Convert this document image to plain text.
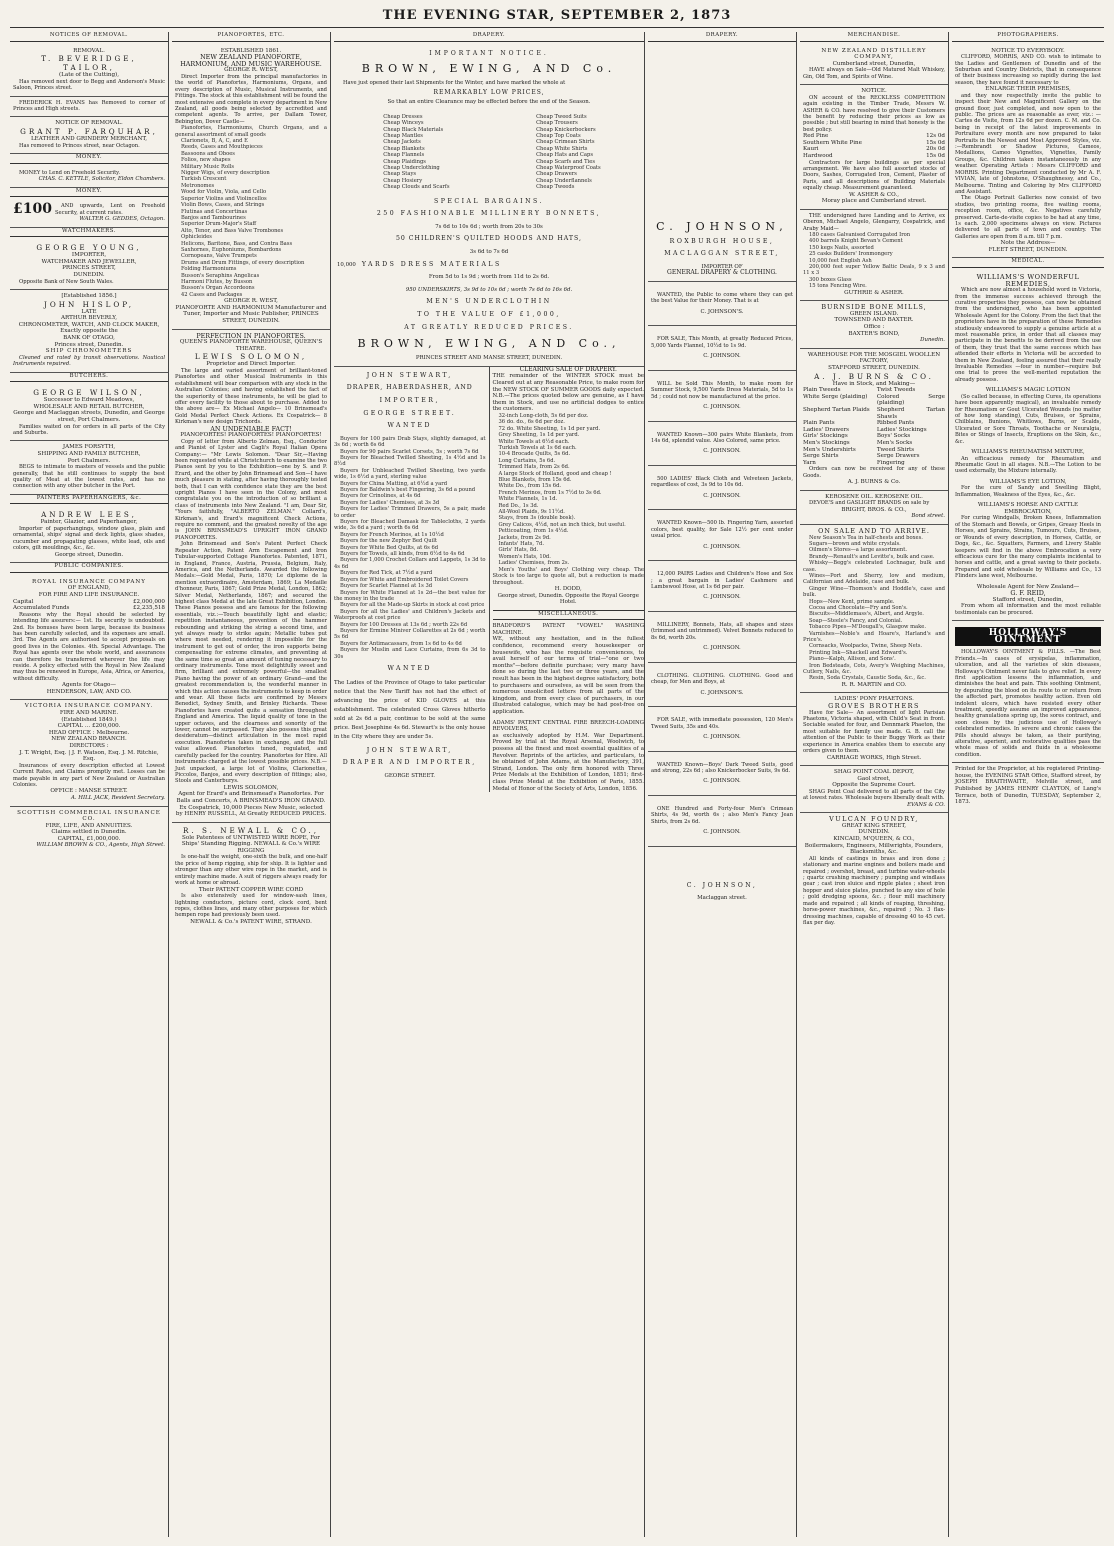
THE EVENING STAR, SEPTEMBER 2, 1873
NOTICES OF REMOVAL.
REMOVAL.
T. BEVERIDGE, TAILOR,
(Late of the Cutting),
Has removed next door to Begg and Anderson's Music Saloon, Princes street.
FREDERICK H. EVANS has Removed to corner of Princes and High streets.
NOTICE OF REMOVAL.
GRANT P. FARQUHAR,
LEATHER AND GRINDERY MERCHANT,
Has removed to Princes street, near Octagon.
MONEY.
MONEY to Lend on Freehold Security.
CHAS. C. KETTLE, Solicitor, Eldon Chambers.
MONEY.
£100	AND upwards, Lent on Freehold Security, at current rates.
WALTER G. GEDDES, Octagon.
WATCHMAKERS.
GEORGE YOUNG,
IMPORTER,
WATCHMAKER AND JEWELLER,
PRINCES STREET,
DUNEDIN.
Opposite Bank of New South Wales.
[Established 1856.]
JOHN HISLOP,
LATE
ARTHUR BEVERLY,
CHRONOMETER, WATCH, AND CLOCK MAKER,
Exactly opposite the
BANK OF OTAGO,
Princes street, Dunedin.
SHIP CHRONOMETERS
Cleaned and rated by transit observations. Nautical Instruments repaired.
BUTCHERS.
GEORGE WILSON,
Successor to Edward Meadows,
WHOLESALE AND RETAIL BUTCHER,
George and Maclaggan streets, Dunedin, and George street, Port Chalmers.
Families waited on for orders in all parts of the City and Suburbs.
JAMES FORSYTH,
SHIPPING AND FAMILY BUTCHER,
Port Chalmers.
BEGS to intimate to masters of vessels and the public generally, that he still continues to supply the best quality of Meat at the lowest rates, and has no connection with any other butcher in the Port.
PAINTERS PAPERHANGERS, &c.
ANDREW LEES,
Painter, Glazier, and Paperhanger,
Importer of paperhangings, window glass, plain and ornamental, ships' signal and deck lights, glass shades, cucumber and propagating glasses, white lead, oils and colors, gilt mouldings, &c., &c.
George street, Dunedin.
PUBLIC COMPANIES.
ROYAL INSURANCE COMPANY
OF ENGLAND,
FOR FIRE AND LIFE INSURANCE.
Capital	£2,000,000
Accumulated Funds	£2,235,518
Reasons why the Royal should be selected by intending life assurers:— 1st. Its security is undoubted. 2nd. Its bonuses have been large, because its business has been carefully selected, and its expenses are small. 3rd. The Agents are authorised to accept proposals on good lives in the Colonies. 4th. Special Advantage. The Royal has agents over the whole world, and assurances can therefore be transferred wherever the life may reside. A policy effected with the Royal in New Zealand may thus be renewed in Europe, Asia, Africa, or America, without difficulty.
Agents for Otago—
HENDERSON, LAW, AND CO.
VICTORIA INSURANCE COMPANY.
FIRE AND MARINE.
(Established 1849.)
CAPITAL ... £200,000.
HEAD OFFICE : Melbourne.
NEW ZEALAND BRANCH.
DIRECTORS :
J. T. Wright, Esq. | J. F. Watson, Esq. J. M. Ritchie, Esq.
Insurances of every description effected at Lowest Current Rates, and Claims promptly met. Losses can be made payable in any part of New Zealand or Australian Colonies.
OFFICE : MANSE STREET.
A. HILL JACK, Resident Secretary.
SCOTTISH COMMERCIAL INSURANCE CO.
FIRE, LIFE, AND ANNUITIES.
Claims settled in Dunedin.
CAPITAL, £1,000,000.
WILLIAM BROWN & CO., Agents, High Street.
PIANOFORTES, ETC.
ESTABLISHED 1861.
NEW ZEALAND PIANOFORTE, HARMONIUM, AND MUSIC WAREHOUSE.
GEORGE R. WEST,
Direct Importer from the principal manufactories in the world of Pianofortes, Harmoniums, Organs, and every description of Music, Musical Instruments, and Fittings. The stock at this establishment will be found the most extensive and complete in every department in New Zealand, all goods being selected by accredited and competent agents. To arrive, per Dallam Tower, Bebington, Dover Castle—
Pianofortes, Harmoniums, Church Organs, and a general assortment of small goods
Clarionets, B, A, C, and E
Reeds, Cases and Mouthpieces
Bassoons and Oboes
Folios, new shapes
Military Music Rolls
Nigger Wigs, of every description
Turkish Crescent
Metronomes
Wood for Violin, Viola, and Cello
Superior Violins and Violincellos
Violin Bows, Cases, and Strings
Flutinas and Concertinas
Banjos and Tambourines
Superior Drum-Major's Staff
Alto, Tenor, and Bass Valve Trombones
Ophicleides
Helicons, Baritone, Bass, and Contra Bass
Saxhornes, Euphoniums, Bombardons
Cornopeans, Valve Trumpets
Drums and Drum Fittings, of every description
Folding Harmoniums
Busson's Seraphins Angelicas
Harmoni Flutes, by Busson
Busson's Organ Accordeons
42 Cases and Packages
GEORGE R. WEST,
PIANOFORTE AND HARMONIUM Manufacturer and Tuner, Importer and Music Publisher, PRINCES STREET, DUNEDIN.
PERFECTION IN PIANOFORTES.
QUEEN'S PIANOFORTE WAREHOUSE, QUEEN'S THEATRE.
LEWIS SOLOMON,
Proprietor and Direct Importer.
The large and varied assortment of brilliant-toned Pianofortes and other Musical Instruments in this establishment will bear comparison with any stock in the Australian Colonies; and having established the fact of the superiority of these instruments, he will be glad to offer every facility to those about to purchase. Added to the above are— Ex Michael Angelo— 10 Brinsmead's Gold Medal Perfect Check Actions. Ex Cospatrick— 8 Kirkman's new design Trichords.
AN UNDENIABLE FACT!
PIANOFORTES! PIANOFORTES! PIANOFORTES!
Copy of letter from Alberto Zelman, Esq., Conductor and Pianist of Lyster and Cagli's Royal Italian Opera Company:— "Mr Lewis Solomon. "Dear Sir,—Having been requested while at Christchurch to examine the two Pianos sent by you to the Exhibition—one by S. and P. Erard, and the other by John Brinsmead and Son—I have much pleasure in stating, after having thoroughly tested both, that I can with confidence state they are the best upright Pianos I have seen in the Colony, and most congratulate you on the introduction of so brilliant a class of instruments into New Zealand. "I am, Dear Sir, "Yours faithfully, "ALBERTO ZELMAN." Collard's, Kirkman's, and Erard's magnificent Check Actions, require no comment, and the greatest novelty of the age is JOHN BRINSMEAD'S UPRIGHT IRON GRAND PIANOFORTES.
John Brinsmead and Son's Patent Perfect Check Repeater Action, Patent Arm Escapement and Iron Tubular-supported Cottage Pianofortes. Patented, 1871, in England, France, Austria, Prussia, Belgium, Italy, America, and the Netherlands. Awarded the following Medals:—Gold Medal, Paris, 1870; Le diplome de la mention extraordinaire, Amsterdam, 1869; La Medaille d'honneur, Paris, 1867; Gold Prize Medal, London, 1862; Silver Medal, Netherlands, 1867; and secured the highest class Medal at the late Great Exhibition, London. These Pianos possess and are famous for the following essentials, viz.:—Touch beautifully light and elastic; repetition instantaneous, prevention of the hammer rebounding and striking the string a second time, and yet always ready to strike again; Metallic tubes put where most needed, rendering it impossible for the instrument to get out of order, the iron supports being compensating for extreme climates, and preventing at the same time so great an amount of tuning necessary to ordinary instruments. Tone most delightfully sweet and firm, brilliant and extremely powerful—the smallest Piano having the power of an ordinary Grand—and the greatest recommendation is, the wonderful manner in which this action causes the instruments to keep in order and wear. All these facts are confirmed by Messrs Benedict, Sydney Smith, and Brinley Richards. These Pianofortes have created quite a sensation throughout England and America. The liquid quality of tone in the upper octaves, and the clearness and sonority of the lower, cannot be surpassed. They also possess this great desideratum—distinct articulation in the most rapid execution. Pianofortes taken in exchange, and the full value allowed. Pianofortes tuned, regulated, and carefully packed for the country. Pianofortes for Hire. All instruments charged at the lowest possible prices. N.B.—Just unpacked, a large lot of Violins, Clarionettes, Piccolos, Banjos, and every description of fittings; also, Stools and Canterburys.
LEWIS SOLOMON,
Agent for Erard's and Brinsmead's Pianofortes. For Balls and Concerts, A BRINSMEAD'S IRON GRAND. Ex Cospatrick, 10,000 Pieces New Music, selected by HENRY RUSSELL, At Greatly REDUCED PRICES.
R. S. NEWALL & CO.,
Sole Patentees of UNTWISTED WIRE ROPE, For Ships' Standing Rigging. NEWALL & Co.'s WIRE RIGGING
Is one-half the weight, one-sixth the bulk, and one-half the price of hemp rigging, ship for ship. It is lighter and stronger than any other wire rope in the market, and is entirely machine made. A suit of riggers always ready for work at home or abroad.
Their PATENT COPPER WIRE CORD
Is also extensively used for window-sash lines, lightning conductors, picture cord, clock cord, bent ropes, clothes lines, and many other purposes for which hempen rope had previously been used.
NEWALL & Co.'s PATENT WIRE, STRAND.
DRAPERY.
IMPORTANT NOTICE.
BROWN, EWING, AND Co.
Have just opened their last Shipments for the Winter, and have marked the whole at
REMARKABLY LOW PRICES,
So that an entire Clearance may be effected before the end of the Season.
Cheap Dresses
Cheap Winceys
Cheap Black Materials
Cheap Mantles
Cheap Jackets
Cheap Blankets
Cheap Flannels
Cheap Plaidings
Cheap Underclothing
Cheap Stays
Cheap Hosiery
Cheap Clouds and Scarfs
Cheap Tweed Suits
Cheap Trousers
Cheap Knickerbockers
Cheap Top Coats
Cheap Crimean Shirts
Cheap White Shirts
Cheap Hats and Caps
Cheap Scarfs and Ties
Cheap Waterproof Coats
Cheap Drawers
Cheap Underflannels
Cheap Tweeds
SPECIAL BARGAINS.
250 FASHIONABLE MILLINERY BONNETS,
7s 6d to 10s 6d ; worth from 20s to 30s
50 CHILDREN'S QUILTED HOODS AND HATS,
3s 6d to 7s 6d
10,000 YARDS DRESS MATERIALS
From 5d to 1s 9d ; worth from 11d to 2s 6d.
950 UNDERSKIRTS, 3s 9d to 10s 6d ; worth 7s 6d to 16s 6d.
MEN'S UNDERCLOTHIN
TO THE VALUE OF £1,000,
AT GREATLY REDUCED PRICES.
BROWN, EWING, AND Co.,
PRINCES STREET AND MANSE STREET, DUNEDIN.
JOHN STEWART,
DRAPER, HABERDASHER, AND
IMPORTER,
GEORGE STREET.
WANTED
Buyers for 100 pairs Drab Stays, slightly damaged, at 3s 6d ; worth 6s 6d
Buyers for 90 pairs Scarlet Corsets, 5s ; worth 7s 6d
Buyers for Bleached Twilled Sheeting, 1s 4½d and 1s 8½d
Buyers for Unbleached Twilled Sheeting, two yards wide, 1s 6½d a yard, sterling value
Buyers for China Matting, at 6½d a yard
Buyers for Baldwin's best Fingering, 3s 6d a pound
Buyers for Crinolines, at 4s 6d
Buyers for Ladies' Chemises, at 3s 3d
Buyers for Ladies' Trimmed Drawers, 5s a pair, made to order
Buyers for Bleached Damask for Tablecloths, 2 yards wide, 3s 6d a yard ; worth 6s 6d
Buyers for French Merinos, at 1s 10½d
Buyers for the new Zephyr Bed Quilt
Buyers for White Bed Quilts, at 6s 6d
Buyers for Towels, all kinds, from 6½d to 4s 6d
Buyers for 1,000 Crochet Collars and Lappets, 1s 3d to 4s 6d
Buyers for Red Tick, at 7½d a yard
Buyers for White and Embroidered Toilet Covers
Buyers for Scarlet Flannel at 1s 3d
Buyers for White Flannel at 1s 2d—the best value for the money in the trade
Buyers for all the Made-up Skirts in stock at cost price
Buyers for all the Ladies' and Children's Jackets and Waterproofs at cost price
Buyers for 100 Dresses at 13s 6d ; worth 22s 6d
Buyers for Ermine Miniver Collarettes at 2s 6d ; worth 5s 6d
Buyers for Antimacassars, from 1s 6d to 4s 6d
Buyers for Muslin and Lace Curtains, from 6s 3d to 30s
WANTED
The Ladies of the Province of Otago to take particular notice that the New Tariff has not had the effect of advancing the price of KID GLOVES at this establishment. The celebrated Cross Gloves hitherto sold at 2s 6d a pair, continue to be sold at the same price. Best Josephine 4s 6d. Stewart's is the only house in the City where they are under 5s.
JOHN STEWART,
DRAPER AND IMPORTER,
GEORGE STREET.
CLEARING SALE OF DRAPERY.
THE remainder of the WINTER STOCK must be Cleared out at any Reasonable Price, to make room for the NEW STOCK OF SUMMER GOODS daily expected. N.B.—The prices quoted below are genuine, as I have them in Stock, and use no artificial dodges to entice the customers.
32-inch Long-cloth, 5s 6d per doz.
36 do. do., 6s 6d per doz.
72 do. White Sheeting, 1s 1d per yard.
Grey Sheeting, 1s 1d per yard.
White Towels at 6½d each.
Turkish Towels at 1s 6d each.
10-4 Brocade Quilts, 5s 6d.
Long Curtains, 5s 6d.
Trimmed Hats, from 2s 6d.
A large Stock of Holland, good and cheap !
Blue Blankets, from 15s 6d.
White Do., from 15s 6d.
French Merinos, from 1s 7½d to 3s 6d.
White Flannels, 1s 1d.
Red Do., 1s 3d.
All-Wool Plaids, 9s 11½d.
Stays, from 3s (double bosk).
Grey Calicos, 4½d, not an inch thick, but useful.
Petticoating, from 1s 4½d.
Jackets, from 2s 9d.
Infants' Hats, 7d.
Girls' Hats, 8d.
Women's Hats, 10d.
Ladies' Chemises, from 2s.
Men's Youths' and Boys' Clothing very cheap. The Stock is too large to quote all, but a reduction is made throughout.
H. DODD,
George street, Dunedin. Opposite the Royal George Hotel.
MISCELLANEOUS.
BRADFORD'S PATENT "VOWEL" WASHING MACHINE.
WE, without any hesitation, and in the fullest confidence, recommend every housekeeper or housewife, who has the requisite conveniences, to avail herself of our terms of trial—"one or two months"—before definite purchase; very many have done so during the last two or three years, and the result has been in the highest degree satisfactory, both to purchasers and ourselves, as will be seen from the numerous unsolicited letters from all parts of the kingdom, and from every class of purchasers, in our illustrated catalogue, which may be had post-free on application.
ADAMS' PATENT CENTRAL FIRE BREECH-LOADING REVOLVERS,
as exclusively adopted by H.M. War Department. Proved by trial at the Royal Arsenal, Woolwich, to possess all the finest and most essential qualities of a Revolver. Reprints of the articles, and particulars, to be obtained of John Adams, at the Manufactory, 391, Strand, London. The only firm honored with Three Prize Medals at the Exhibition of London, 1851; first-class Prize Medal at the Exhibition of Paris, 1855. Medal of Honor of the Society of Arts, London, 1856.
DRAPERY.
C. JOHNSON,
ROXBURGH HOUSE,
MACLAGGAN STREET,
IMPORTER OF
GENERAL DRAPERY & CLOTHING.
WANTED, the Public to come where they can get the best Value for their Money. That is at
C. JOHNSON'S.
FOR SALE, This Month, at greatly Reduced Prices, 5,000 Yards Flannel, 10½d to 1s 9d.
C. JOHNSON.
WILL be Sold This Month, to make room for Summer Stock, 9,500 Yards Dress Materials, 5d to 1s 5d ; could not now be manufactured at the price.
C. JOHNSON.
WANTED Known—300 pairs White Blankets, from 14s 6d, splendid value. Also Colored, same price.
C. JOHNSON.
500 LADIES' Black Cloth and Velveteen Jackets, regardless of cost, 3s 9d to 10s 6d.
C. JOHNSON.
WANTED Known—500 lb. Fingering Yarn, assorted colors, best quality, for Sale 12½ per cent under usual price.
C. JOHNSON.
12,000 PAIRS Ladies and Children's Hose and Sox ; a great bargain in Ladies' Cashmere and Lambswool Hose, at 1s 6d per pair.
C. JOHNSON.
MILLINERY, Bonnets, Hats, all shapes and sizes (trimmed and untrimmed). Velvet Bonnets reduced to 8s 6d, worth 20s.
C. JOHNSON.
CLOTHING. CLOTHING. CLOTHING. Good and cheap, for Men and Boys, at
C. JOHNSON'S.
FOR SALE, with immediate possession, 120 Men's Tweed Suits, 35s and 40s.
C. JOHNSON.
WANTED Known—Boys' Dark Tweed Suits, good and strong, 22s 6d ; also Knickerbocker Suits, 9s 6d.
C. JOHNSON.
ONE Hundred and Forty-four Men's Crimean Shirts, 4s 9d, worth 6s ; also Men's Fancy Jean Shirts, from 2s 6d.
C. JOHNSON.
C. JOHNSON,
Maclaggan street.
MERCHANDISE.
NEW ZEALAND DISTILLERY COMPANY,
Cumberland street, Dunedin,
HAVE always on Sale—Old Matured Malt Whiskey, Gin, Old Tom, and Spirits of Wine.
NOTICE.
ON account of the RECKLESS COMPETITION again existing in the Timber Trade, Messrs W. ASHER & CO. have resolved to give their Customers the benefit by reducing their prices as low as possible ; but still bearing in mind that honesty is the best policy.
Red Pine	12s 0d
Southern White Pine	15s 0d
Kauri	20s 0d
Hardwood	15s 0d
Contractors for large buildings as per special arrangement. We have also full assorted stocks of Doors, Sashes, Corrugated Iron, Cement, Plaster of Paris, and all descriptions of Building Materials equally cheap. Measurement guaranteed.
W. ASHER & CO.,
Moray place and Cumberland street.
THE undersigned have Landing and to Arrive, ex Oberon, Michael Angelo, Glengarry, Cospatrick, and Araby Maid—
180 cases Galvanised Corrugated Iron
400 barrels Knight Bevan's Cement
150 kegs Nails, assorted
25 casks Builders' Ironmongery
10,000 feet English Ash
200,000 feet super Yellow Baltic Deals, 9 x 3 and 11 x 3
300 boxes Glass
15 tons Fencing Wire.
GUTHRIE & ASHER.
BURNSIDE BONE MILLS,
GREEN ISLAND.
TOWNSEND AND BAXTER.
Office :
BAXTER'S BOND,
Dunedin.
WAREHOUSE FOR THE MOSGIEL WOOLLEN FACTORY,
STAFFORD STREET, DUNEDIN.
A. J. BURNS & CO.
Have in Stock, and Making—
Plain Tweeds	Twist Tweeds
White Serge (plaiding)	Colored Serge (plaiding)
Shepherd Tartan Plaids Shepherd Tartan Shawls
Plain Pants	Ribbed Pants
Ladies' Drawers	Ladies' Stockings
Girls' Stockings	Boys' Socks
Men's Stockings	Men's Socks
Men's Undershirts	Tweed Shirts
Serge Shirts	Serge Drawers
Yarn	Fingering
Orders can now be received for any of these Goods.
A. J. BURNS & Co.
KEROSENE OIL. KEROSENE OIL.
DEVOE'S and GASLIGHT BRANDS on sale by
BRIGHT, BROS. & CO.,
Bond street.
ON SALE AND TO ARRIVE.
New Season's Tea in half-chests and boxes.
Sugars—brown and white crystals.
Oilmen's Stores—a large assortment.
Brandy—Renault's and Levitte's, bulk and case.
Whisky—Begg's celebrated Lochnagar, bulk and case.
Wines—Port and Sherry, low and medium, Californian and Adelaide, case and bulk.
Ginger Wine—Thomson's and Hoddle's, case and bulk.
Hops—New Kent, prime sample.
Cocoa and Chocolate—Fry and Son's.
Biscuits—Middlemass's, Albert, and Argyle.
Soap—Steele's Fancy, and Colonial.
Tobacco Pipes—M'Dougall's, Glasgow make.
Varnishes—Noble's and Hoare's, Harland's and Price's.
Cornsacks, Woolpacks, Twine, Sheep Nets.
Printing Ink—Shackell and Edward's.
Piano—Kalph, Allison, and Sons'.
Iron Bedsteads, Cots, Avery's Weighing Machines, Cutlery, Nails, &c.
Resin, Soda Crystals, Caustic Soda, &c., &c.
R. R. MARTIN and CO.
LADIES' PONY PHAETONS.
GROVES BROTHERS
Have for Sale— An assortment of light Parisian Phaetons, Victoria shaped, with Child's Seat in front. Sociable seated for four, and Dennmark Phaeton, the most suitable for family use made. G. B. call the attention of the Public to their Buggy Work as their experience in America enables them to execute any orders given to them.
CARRIAGE WORKS, High Street.
SHAG POINT COAL DEPOT,
Gaol street,
Opposite the Supreme Court.
SHAG Point Coal delivered to all parts of the City at lowest rates. Wholesale buyers liberally dealt with.
EVANS & CO.
VULCAN FOUNDRY,
GREAT KING STREET,
DUNEDIN.
KINCAID, M'QUEEN, & CO.,
Boilermakers, Engineers, Millwrights, Founders, Blacksmiths, &c.
All kinds of castings in brass and iron done ; stationary and marine engines and boilers made and repaired ; overshot, breast, and turbine water-wheels ; quartz crushing machinery ; pumping and windlass gear ; cast iron sluice and ripple plates ; sheet iron hopper and sluice plates, punched to any size of hole ; gold dredging spoons, &c. ; flour mill machinery made and repaired ; all kinds of reaping, threshing, horse-power machines, &c., repaired ; No. 3 flax-dressing machines, capable of dressing 40 to 45 cwt. flax per day.
PHOTOGRAPHERS.
NOTICE TO EVERYBODY.
CLIFFORD, MORRIS, AND CO. wish to intimate to the Ladies and Gentlemen of Dunedin and of the Suburban and Country Districts, that in consequence of their business increasing so rapidly during the last season, they have found it necessary to
ENLARGE THEIR PREMISES,
and they now respectfully invite the public to inspect their New and Magnificent Gallery on the ground floor, just completed, and now open to the public. The prices are as reasonable as ever, viz.: —Cartes de Visite, from 12s 6d per dozen. C. M. and Co. being in receipt of the latest improvements in Portraiture every month are now prepared to take Portraits in the Newest and Most Approved Styles, viz. :—Rembrandt or Shadow Pictures, Cameos, Medallions, Cameo Vignettes, Vignettes, Family Groups, &c. Children taken instantaneously in any weather. Operating Artists : Messrs CLIFFORD and MORRIS. Printing Department conducted by Mr A. F. VIVIAN, late of Johnstone, O'Shaughnessy, and Co., Melbourne. Tinting and Coloring by Mrs CLIFFORD and Assistant.
The Otago Portrait Galleries now consist of two studios, two printing rooms, five waiting rooms, reception room, office, &c. Negatives carefully preserved. Carte-de-visite copies to be had at any time, 1s each. 2,000 specimens always on view. Pictures delivered to all parts of town and country. The Galleries are open from 8 a.m. till 7 p.m.
Note the Address—
FLEET STREET, DUNEDIN.
MEDICAL.
WILLIAMS'S WONDERFUL REMEDIES,
Which are now almost a household word in Victoria, from the immense success achieved through the curative properties they possess, can now be obtained from the undersigned, who has been appointed Wholesale Agent for the Colony. From the fact that the proprietors have in the preparation of these Remedies studiously endeavored to supply a genuine article at a most reasonable price, in order that all classes may participate in the benefits to be derived from the use of them, they trust that the same success which has attended their efforts in Victoria will be accorded to them in New Zealand, feeling assured that their really Invaluable Remedies —four in number—require but one trial to prove the well-merited reputation the already possess.
WILLIAMS'S MAGIC LOTION
(So called because, in effecting Cures, its operations have been apparently magical), an invaluable remedy for Rheumatism or Gout Ulcerated Wounds (no matter of how long standing), Cuts, Bruises, or Sprains, Chilblains, Bunions, Whitlows, Burns, or Scalds, Ulcerated or Sore Throats, Toothache or Neuralgia, Bites or Stings of Insects, Eruptions on the Skin, &c., &c.
WILLIAMS'S RHEUMATISM MIXTURE,
An efficacious remedy for Rheumatism and Rheumatic Gout in all stages. N.B.—The Lotion to be used externally, the Mixture internally.
WILLIAMS'S EYE LOTION,
For the cure of Sandy and Swelling Blight, Inflammation, Weakness of the Eyes, &c., &c.
WILLIAMS'S HORSE AND CATTLE EMBROCATION,
For curing Windgalls, Broken Knees, Inflammation of the Stomach and Bowels, or Gripes, Greasy Heels in Horses, and Sprains, Strains, Tumours, Cuts, Bruises, or Wounds of every description, in Horses, Cattle, or Dogs, &c., &c. Squatters, Farmers, and Livery Stable keepers will find in the above Embrocation a very efficacious cure for the many complaints incidental to horses and cattle, and a great saving to their pockets. Prepared and sold wholesale by Williams and Co., 13 Flinders lane west, Melbourne.
Wholesale Agent for New Zealand—
G. F. REID,
Stafford street, Dunedin,
From whom all information and the most reliable testimonials can be procured.
HOLLOWAY'S OINTMENT
HOLLOWAY'S OINTMENT & PILLS. —The Best Friends.—In cases of erysipelas, inflammation, ulceration, and all the varieties of skin diseases, Holloway's Ointment never fails to give relief. In every first application lessens the inflammation, and diminishes the heat and pain. This soothing Ointment, by depurating the blood on its route to or return from the affected part, promotes healthy action. Even old indolent ulcers, which have resisted every other treatment, speedily assume an improved appearance, healthy granulations spring up, the sores contract, and soon closes by the judicious use of Holloway's celebrated remedies. In severe and chronic cases the Pills should always be taken, as their purifying, alterative, aperient, and restorative qualities pass the whole mass of solids and fluids in a wholesome condition.
Printed for the Proprietor, at his registered Printing-house, the EVENING STAR Office, Stafford street, by JOSEPH BRAITHWAITE, Melville street, and Published by JAMES HENRY CLAYTON, of Lang's Terrace, both of Dunedin, TUESDAY, September 2, 1873.
